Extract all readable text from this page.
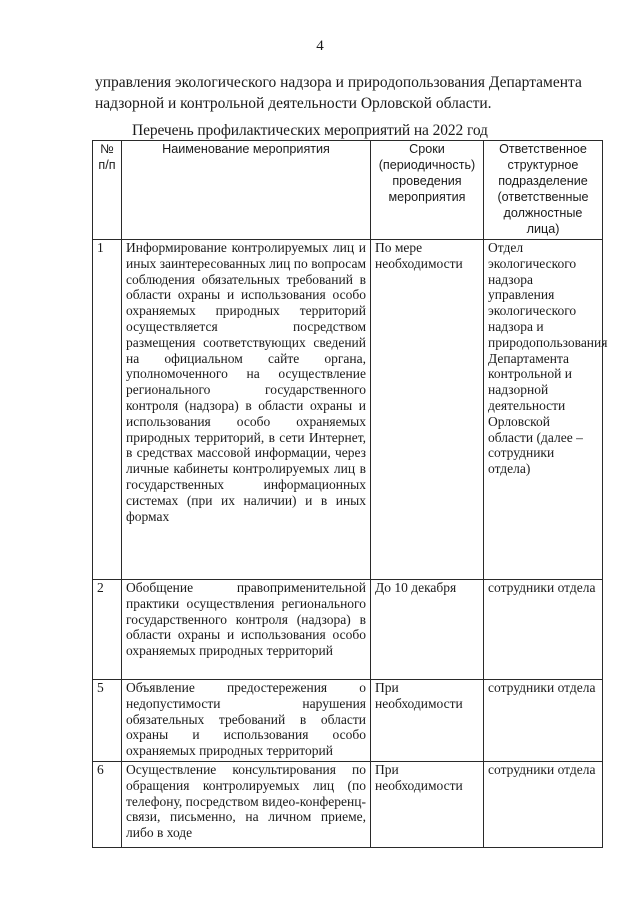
4
управления экологического надзора и природопользования Департамента
надзорной и контрольной деятельности Орловской области.
Перечень профилактических мероприятий на 2022 год
№ п/п	Наименование мероприятия	Сроки (периодичность) проведения мероприятия	Ответственное структурное подразделение (ответственные должностные лица)
1	Информирование контролируемых лиц и иных заинтересованных лиц по вопросам соблюдения обязательных требований в области охраны и использования особо охраняемых природных территорий осуществляется посредством размещения соответствующих сведений на официальном сайте органа, уполномоченного на осуществление регионального государственного контроля (надзора) в области охраны и использования особо охраняемых природных территорий, в сети Интернет, в средствах массовой информации, через личные кабинеты контролируемых лиц в государственных информационных системах (при их наличии) и в иных формах	По мере необходимости	Отдел экологического надзора управления экологического надзора и природопользования Департамента контрольной и надзорной деятельности Орловской области (далее – сотрудники отдела)
2	Обобщение правоприменительной практики осуществления регионального государственного контроля (надзора) в области охраны и использования особо охраняемых природных территорий	До 10 декабря	сотрудники отдела
5	Объявление предостережения о недопустимости нарушения обязательных требований в области охраны и использования особо охраняемых природных территорий	При необходимости	сотрудники отдела
6	Осуществление консультирования по обращения контролируемых лиц (по телефону, посредством видео-конференц-связи, письменно, на личном приеме, либо в ходе	При необходимости	сотрудники отдела
